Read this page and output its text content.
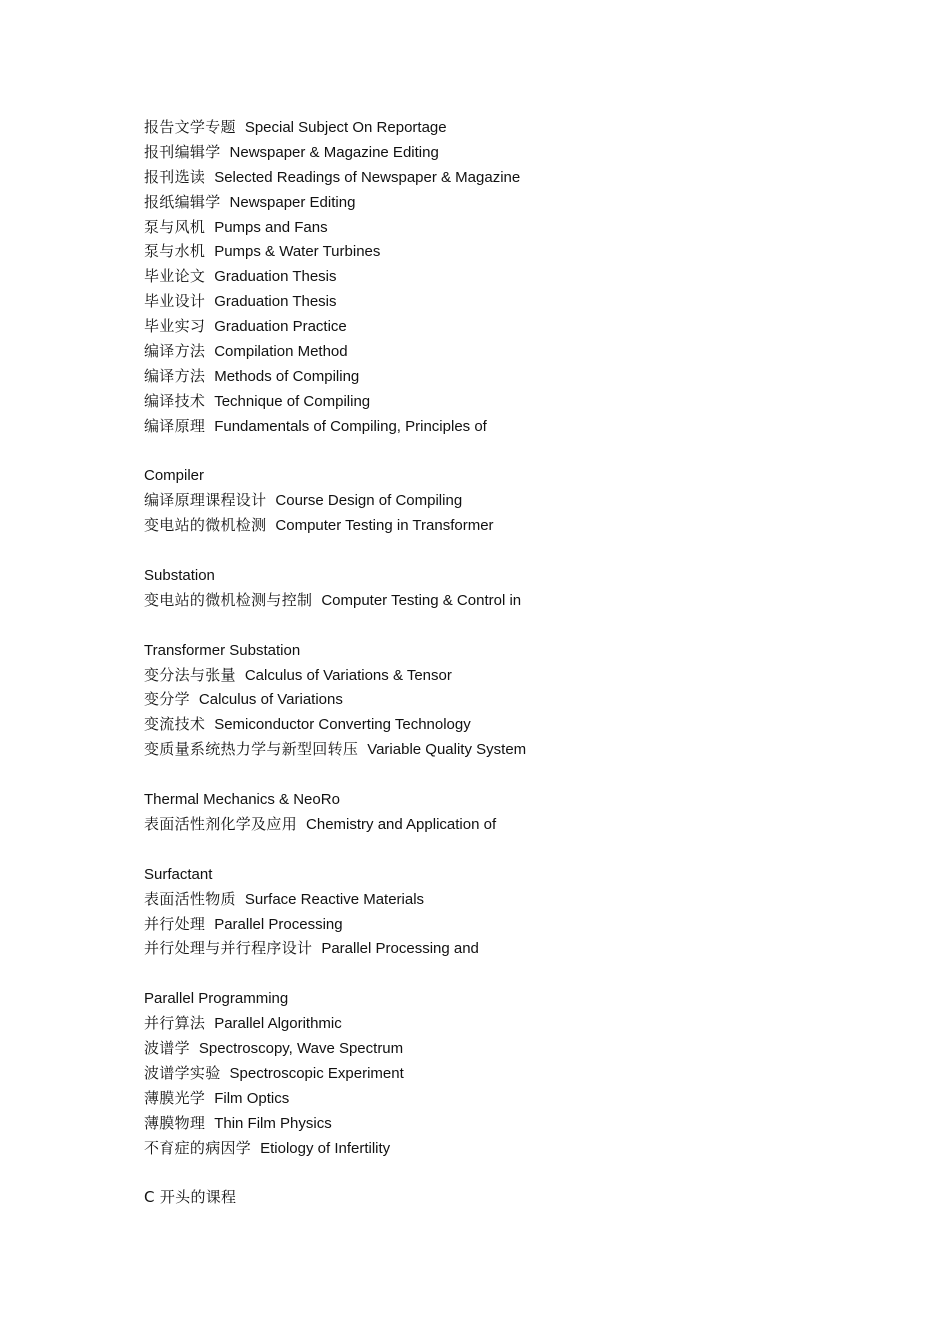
报告文学专题 Special Subject On Reportage
报刊编辑学 Newspaper & Magazine Editing
报刊选读 Selected Readings of Newspaper & Magazine
报纸编辑学 Newspaper Editing
泵与风机 Pumps and Fans
泵与水机 Pumps & Water Turbines
毕业论文 Graduation Thesis
毕业设计 Graduation Thesis
毕业实习 Graduation Practice
编译方法 Compilation Method
编译方法 Methods of Compiling
编译技术 Technique of Compiling
编译原理 Fundamentals of Compiling, Principles of
Compiler
编译原理课程设计 Course Design of Compiling
变电站的微机检测 Computer Testing in Transformer
Substation
变电站的微机检测与控制 Computer Testing & Control in
Transformer Substation
变分法与张量 Calculus of Variations & Tensor
变分学 Calculus of Variations
变流技术 Semiconductor Converting Technology
变质量系统热力学与新型回转压 Variable Quality System
Thermal Mechanics & NeoRo
表面活性剂化学及应用 Chemistry and Application of
Surfactant
表面活性物质 Surface Reactive Materials
并行处理 Parallel Processing
并行处理与并行程序设计 Parallel Processing and
Parallel Programming
并行算法 Parallel Algorithmic
波谱学 Spectroscopy, Wave Spectrum
波谱学实验 Spectroscopic Experiment
薄膜光学 Film Optics
薄膜物理 Thin Film Physics
不育症的病因学 Etiology of Infertility
C 开头的课程
